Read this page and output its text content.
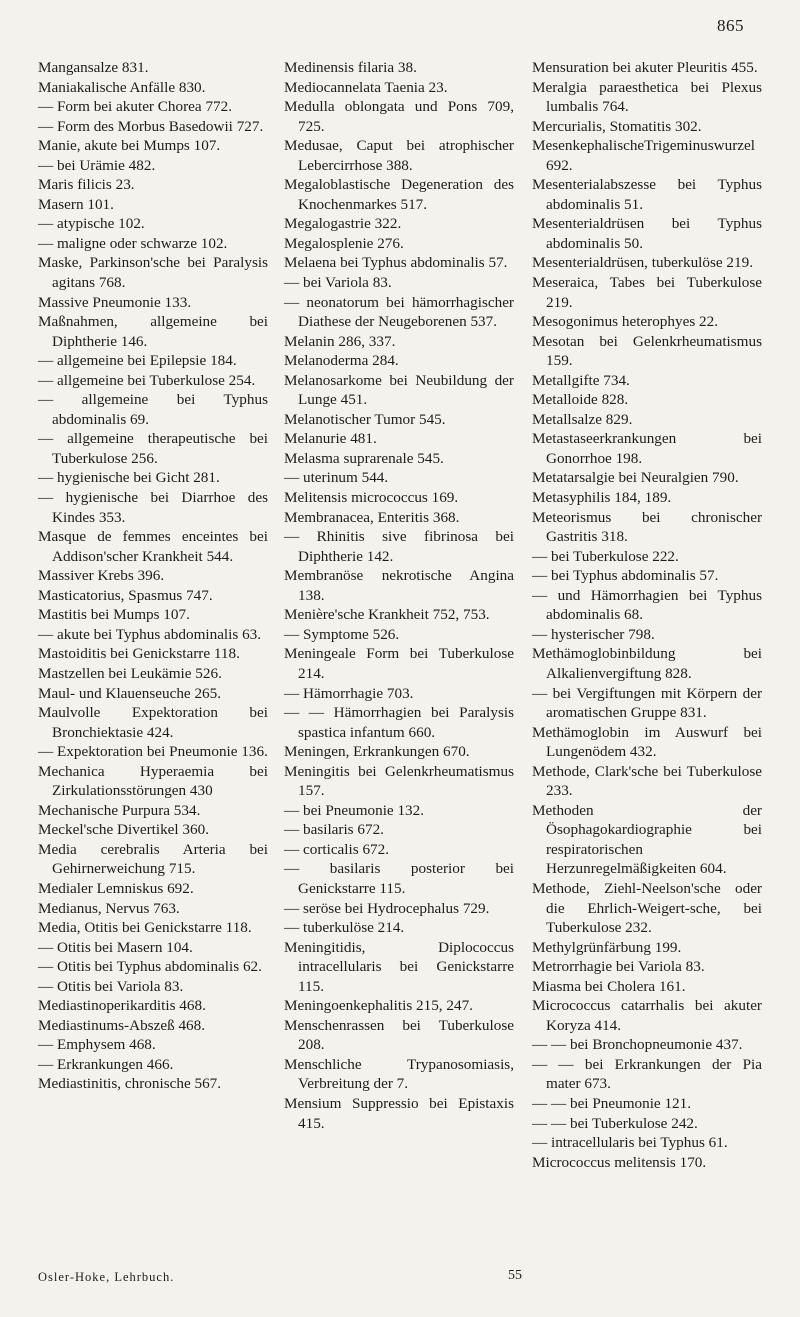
865
Mangansalze 831.
Maniakalische Anfälle 830.
— Form bei akuter Chorea 772.
— Form des Morbus Basedowii 727.
Manie, akute bei Mumps 107.
— bei Urämie 482.
Maris filicis 23.
Masern 101.
— atypische 102.
— maligne oder schwarze 102.
Maske, Parkinson'sche bei Paralysis agitans 768.
Massive Pneumonie 133.
Maßnahmen, allgemeine bei Diphtherie 146.
— allgemeine bei Epilepsie 184.
— allgemeine bei Tuberkulose 254.
— allgemeine bei Typhus abdominalis 69.
— allgemeine therapeutische bei Tuberkulose 256.
— hygienische bei Gicht 281.
— hygienische bei Diarrhoe des Kindes 353.
Masque de femmes enceintes bei Addison'scher Krankheit 544.
Massiver Krebs 396.
Masticatorius, Spasmus 747.
Mastitis bei Mumps 107.
— akute bei Typhus abdominalis 63.
Mastoiditis bei Genickstarre 118.
Mastzellen bei Leukämie 526.
Maul- und Klauenseuche 265.
Maulvolle Expektoration bei Bronchiektasie 424.
— Expektoration bei Pneumonie 136.
Mechanica Hyperaemia bei Zirkulationsstörungen 430
Mechanische Purpura 534.
Meckel'sche Divertikel 360.
Media cerebralis Arteria bei Gehirnerweichung 715.
Medialer Lemniskus 692.
Medianus, Nervus 763.
Media, Otitis bei Genickstarre 118.
— Otitis bei Masern 104.
— Otitis bei Typhus abdominalis 62.
— Otitis bei Variola 83.
Mediastinoperikarditis 468.
Mediastinums-Abszeß 468.
— Emphysem 468.
— Erkrankungen 466.
Mediastinitis, chronische 567.
Medinensis filaria 38.
Mediocannelata Taenia 23.
Medulla oblongata und Pons 709, 725.
Medusae, Caput bei atrophischer Lebercirrhose 388.
Megaloblastische Degeneration des Knochenmarkes 517.
Megalogastrie 322.
Megalosplenie 276.
Melaena bei Typhus abdominalis 57.
— bei Variola 83.
— neonatorum bei hämorrhagischer Diathese der Neugeborenen 537.
Melanin 286, 337.
Melanoderma 284.
Melanosarkome bei Neubildung der Lunge 451.
Melanotischer Tumor 545.
Melanurie 481.
Melasma suprarenale 545.
— uterinum 544.
Melitensis micrococcus 169.
Membranacea, Enteritis 368.
— Rhinitis sive fibrinosa bei Diphtherie 142.
Membranöse nekrotische Angina 138.
Menière'sche Krankheit 752, 753.
— Symptome 526.
Meningeale Form bei Tuberkulose 214.
— Hämorrhagie 703.
— — Hämorrhagien bei Paralysis spastica infantum 660.
Meningen, Erkrankungen 670.
Meningitis bei Gelenkrheumatismus 157.
— bei Pneumonie 132.
— basilaris 672.
— corticalis 672.
— basilaris posterior bei Genickstarre 115.
— seröse bei Hydrocephalus 729.
— tuberkulöse 214.
Meningitidis, Diplococcus intracellularis bei Genickstarre 115.
Meningoenkephalitis 215, 247.
Menschenrassen bei Tuberkulose 208.
Menschliche Trypanosomiasis, Verbreitung der 7.
Mensium Suppressio bei Epistaxis 415.
Mensuration bei akuter Pleuritis 455.
Meralgia paraesthetica bei Plexus lumbalis 764.
Mercurialis, Stomatitis 302.
MesenkephalischeTrigeminuswurzel 692.
Mesenterialabszesse bei Typhus abdominalis 51.
Mesenterialdrüsen bei Typhus abdominalis 50.
Mesenterialdrüsen, tuberkulöse 219.
Meseraica, Tabes bei Tuberkulose 219.
Mesogonimus heterophyes 22.
Mesotan bei Gelenkrheumatismus 159.
Metallgifte 734.
Metalloide 828.
Metallsalze 829.
Metastaseerkrankungen bei Gonorrhoe 198.
Metatarsalgie bei Neuralgien 790.
Metasyphilis 184, 189.
Meteorismus bei chronischer Gastritis 318.
— bei Tuberkulose 222.
— bei Typhus abdominalis 57.
— und Hämorrhagien bei Typhus abdominalis 68.
— hysterischer 798.
Methämoglobinbildung bei Alkalienvergiftung 828.
— bei Vergiftungen mit Körpern der aromatischen Gruppe 831.
Methämoglobin im Auswurf bei Lungenödem 432.
Methode, Clark'sche bei Tuberkulose 233.
Methoden der Ösophagokardiographie bei respiratorischen Herzunregelmäßigkeiten 604.
Methode, Ziehl-Neelson'sche oder die Ehrlich-Weigert-sche, bei Tuberkulose 232.
Methylgrünfärbung 199.
Metrorrhagie bei Variola 83.
Miasma bei Cholera 161.
Micrococcus catarrhalis bei akuter Koryza 414.
— — bei Bronchopneumonie 437.
— — bei Erkrankungen der Pia mater 673.
— — bei Pneumonie 121.
— — bei Tuberkulose 242.
— intracellularis bei Typhus 61.
Micrococcus melitensis 170.
Osler-Hoke, Lehrbuch.	55
